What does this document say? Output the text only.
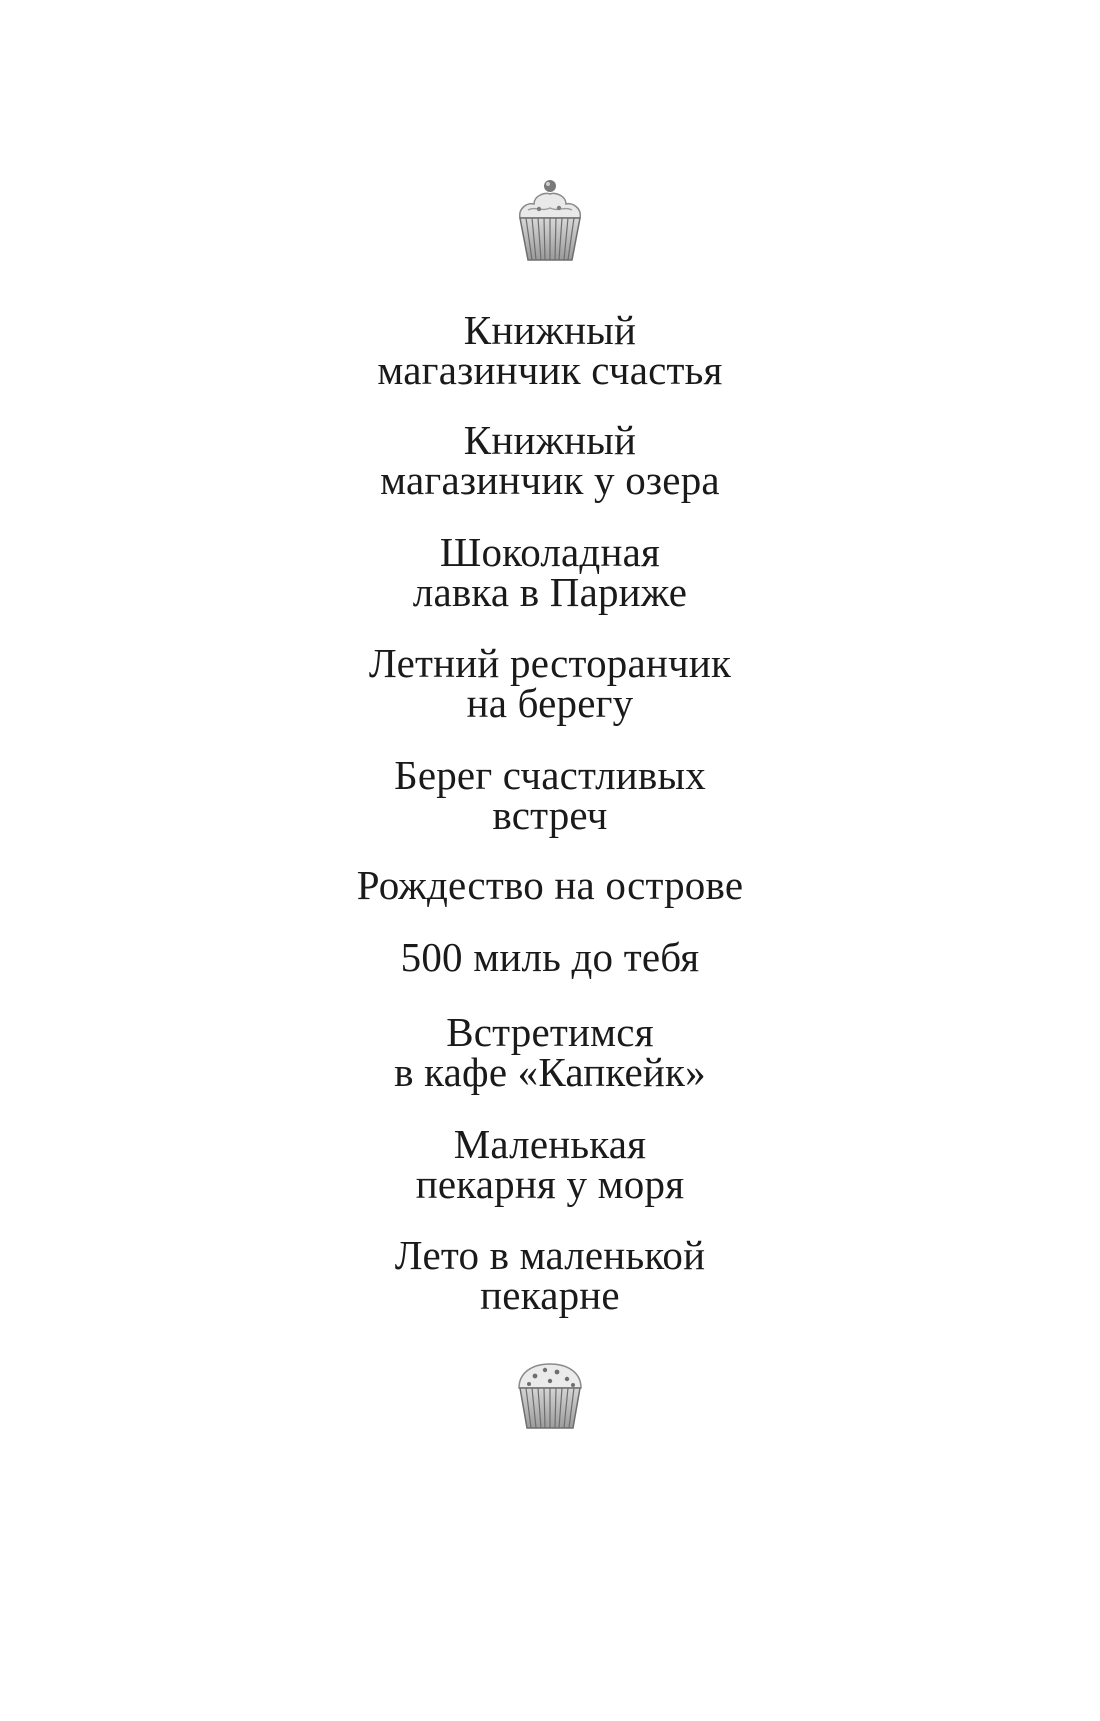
Книжный
магазинчик счастья
Книжный
магазинчик у озера
Шоколадная
лавка в Париже
Летний ресторанчик
на берегу
Берег счастливых
встреч
Рождество на острове
500 миль до тебя
Встретимся
в кафе «Капкейк»
Маленькая
пекарня у моря
Лето в маленькой
пекарне
